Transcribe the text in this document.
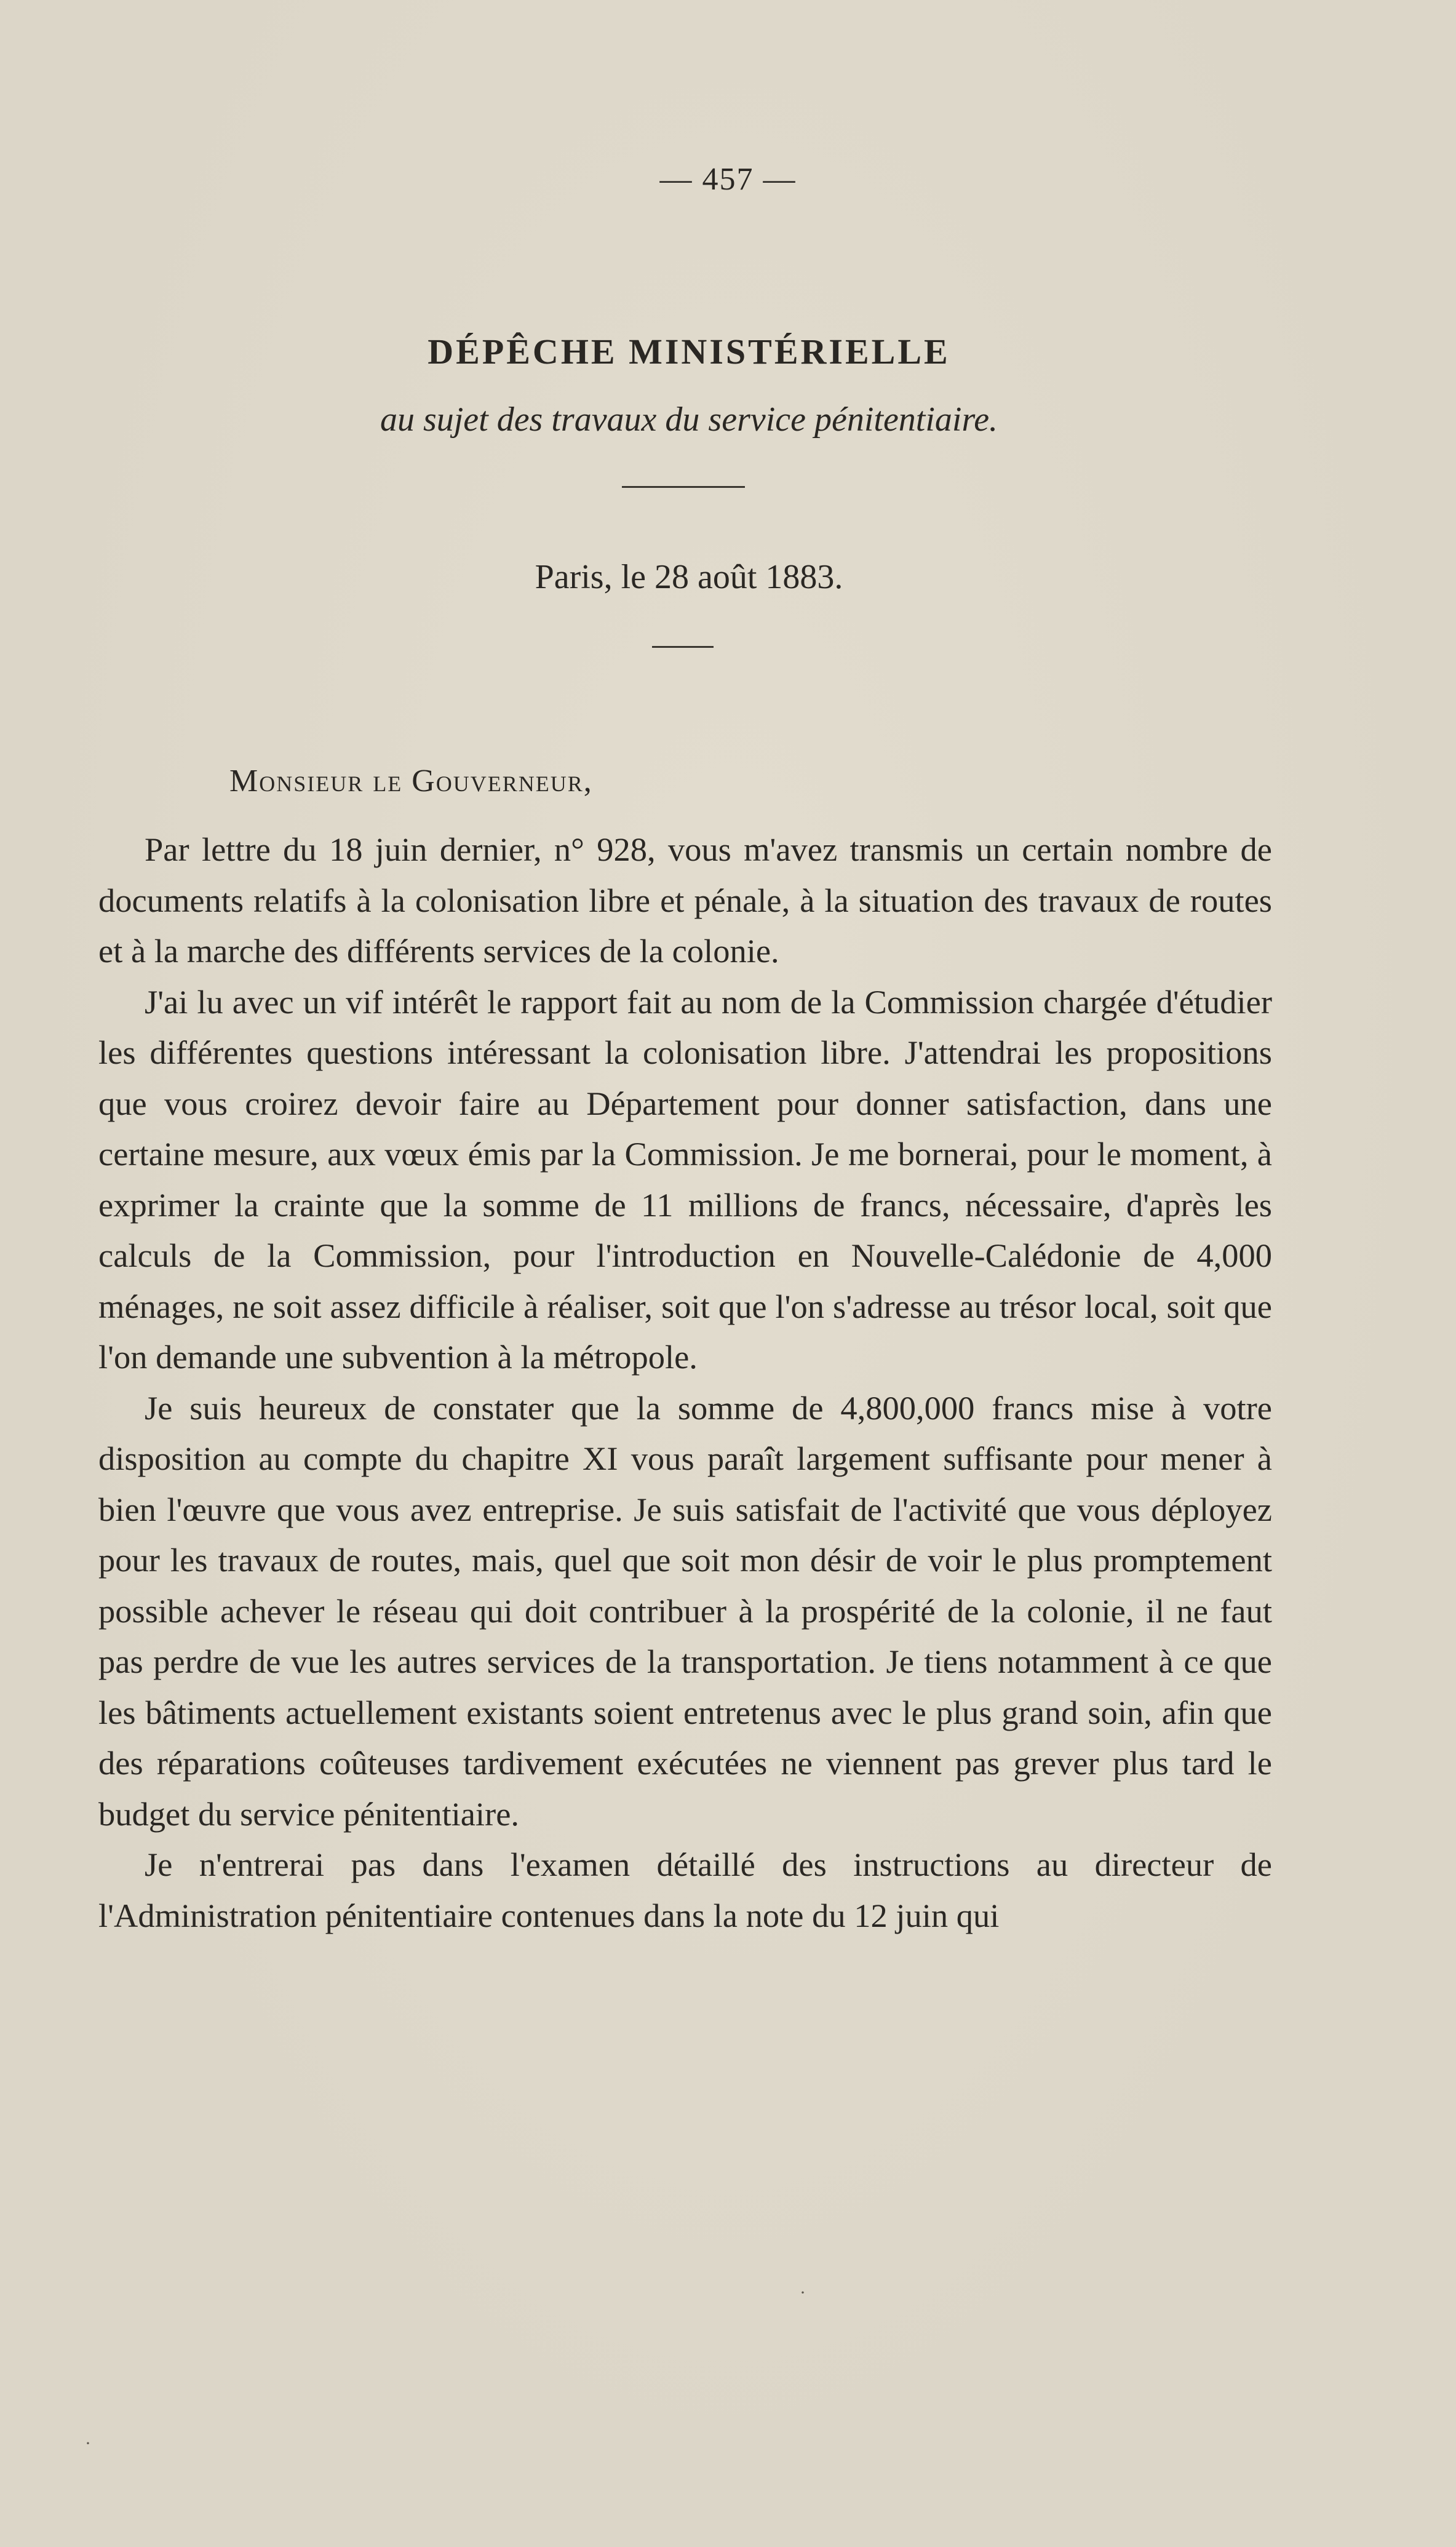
— 457 —
DÉPÊCHE MINISTÉRIELLE
au sujet des travaux du service pénitentiaire.
Paris, le 28 août 1883.
Monsieur le Gouverneur,

Par lettre du 18 juin dernier, n° 928, vous m'avez transmis un certain nombre de documents relatifs à la colonisation libre et pénale, à la situation des travaux de routes et à la marche des différents services de la colonie.

J'ai lu avec un vif intérêt le rapport fait au nom de la Commission chargée d'étudier les différentes questions intéressant la colonisation libre. J'attendrai les propositions que vous croirez devoir faire au Département pour donner satisfaction, dans une certaine mesure, aux vœux émis par la Commission. Je me bornerai, pour le moment, à exprimer la crainte que la somme de 11 millions de francs, nécessaire, d'après les calculs de la Commission, pour l'introduction en Nouvelle-Calédonie de 4,000 ménages, ne soit assez difficile à réaliser, soit que l'on s'adresse au trésor local, soit que l'on demande une subvention à la métropole.

Je suis heureux de constater que la somme de 4,800,000 francs mise à votre disposition au compte du chapitre XI vous paraît largement suffisante pour mener à bien l'œuvre que vous avez entreprise. Je suis satisfait de l'activité que vous déployez pour les travaux de routes, mais, quel que soit mon désir de voir le plus promptement possible achever le réseau qui doit contribuer à la prospérité de la colonie, il ne faut pas perdre de vue les autres services de la transportation. Je tiens notamment à ce que les bâtiments actuellement existants soient entretenus avec le plus grand soin, afin que des réparations coûteuses tardivement exécutées ne viennent pas grever plus tard le budget du service pénitentiaire.

Je n'entrerai pas dans l'examen détaillé des instructions au directeur de l'Administration pénitentiaire contenues dans la note du 12 juin qui

·
·
